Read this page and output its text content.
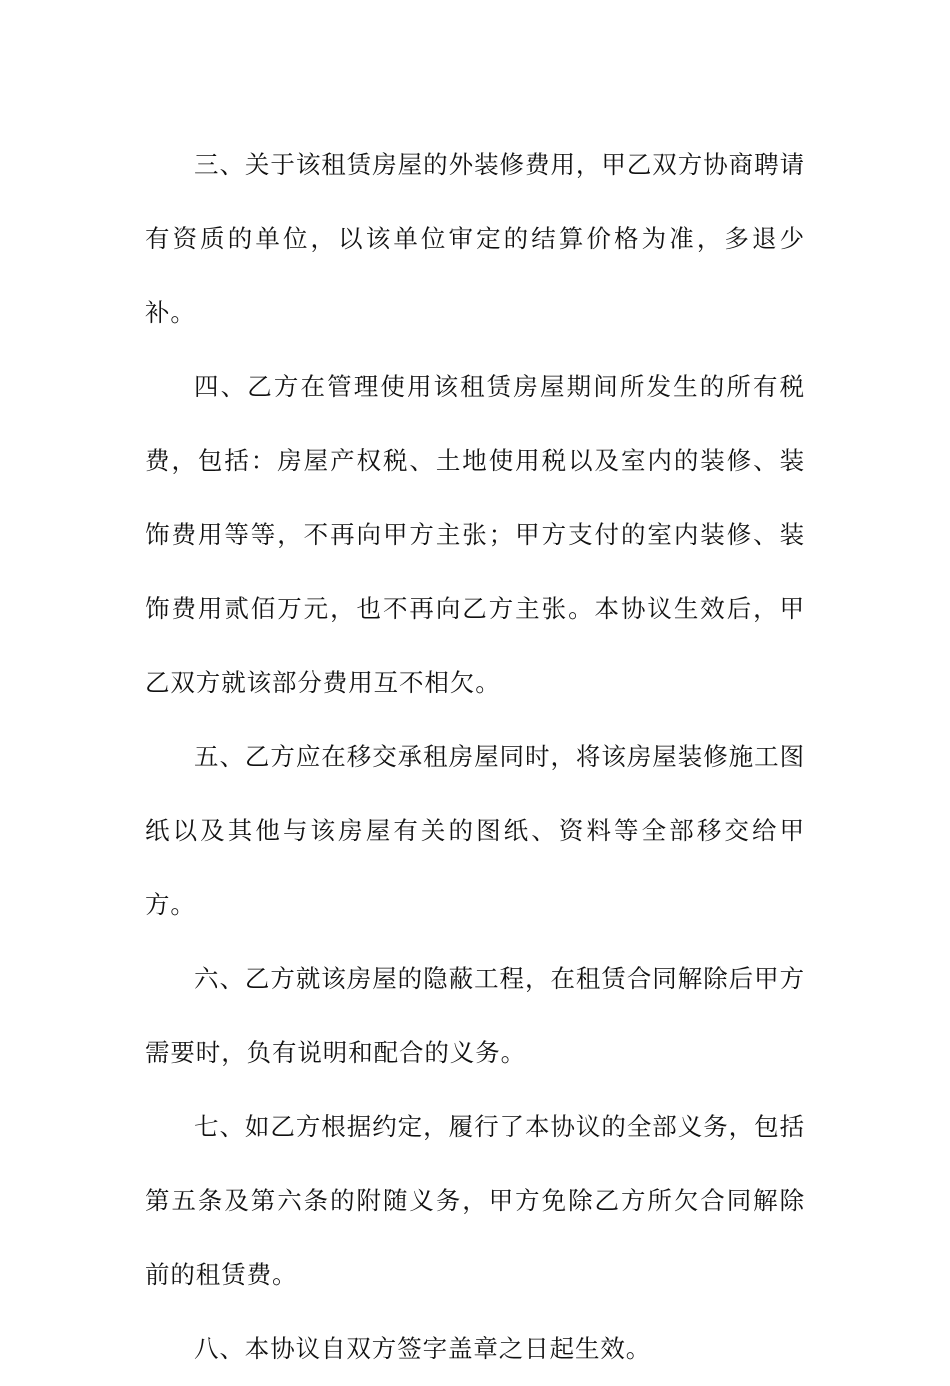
三、关于该租赁房屋的外装修费用，甲乙双方协商聘请有资质的单位，以该单位审定的结算价格为准，多退少补。

四、乙方在管理使用该租赁房屋期间所发生的所有税费，包括：房屋产权税、土地使用税以及室内的装修、装饰费用等等，不再向甲方主张；甲方支付的室内装修、装饰费用贰佰万元，也不再向乙方主张。本协议生效后，甲乙双方就该部分费用互不相欠。

五、乙方应在移交承租房屋同时，将该房屋装修施工图纸以及其他与该房屋有关的图纸、资料等全部移交给甲方。

六、乙方就该房屋的隐蔽工程，在租赁合同解除后甲方需要时，负有说明和配合的义务。

七、如乙方根据约定，履行了本协议的全部义务，包括第五条及第六条的附随义务，甲方免除乙方所欠合同解除前的租赁费。

八、本协议自双方签字盖章之日起生效。
